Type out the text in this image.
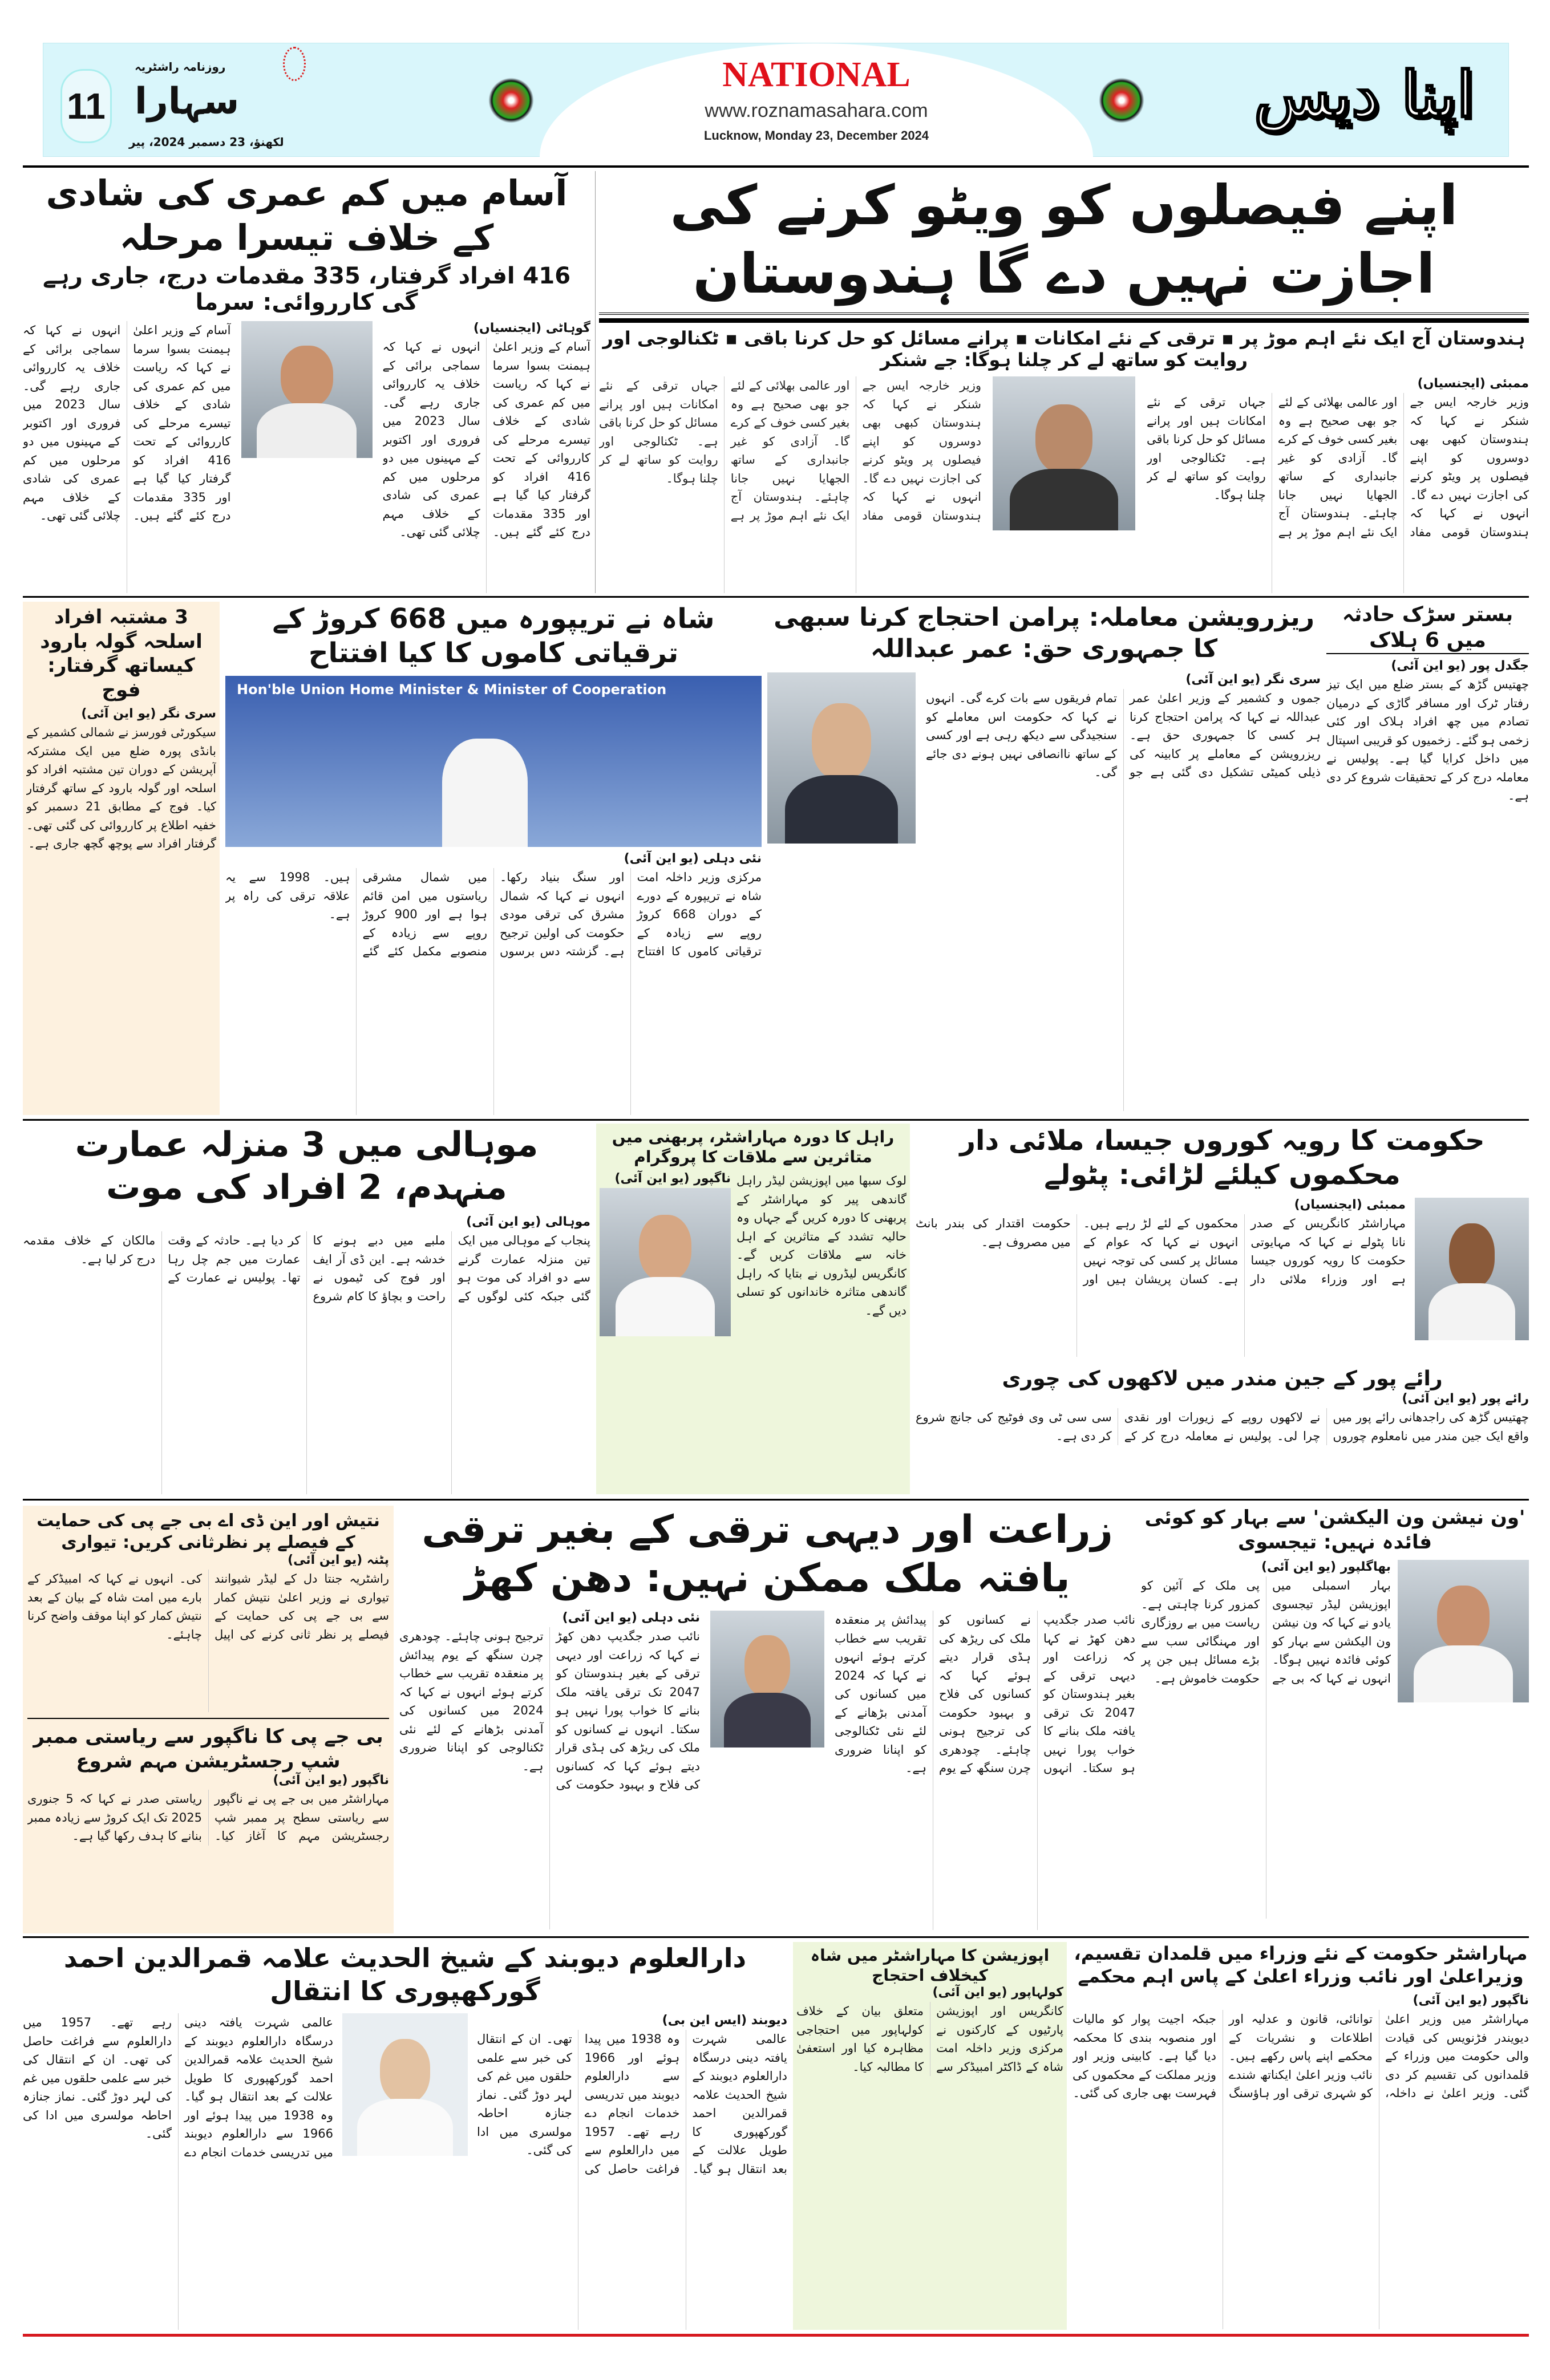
11
روزنامہ راشٹریہ
سہارا
لکھنؤ، 23 دسمبر 2024، پیر
NATIONAL
www.roznamasahara.com
Lucknow, Monday 23, December 2024
اپنا دیس
اپنے فیصلوں کو ویٹو کرنے کی اجازت نہیں دے گا ہندوستان
ہندوستان آج ایک نئے اہم موڑ پر ▪ ترقی کے نئے امکانات ▪ پرانے مسائل کو حل کرنا باقی ▪ ٹکنالوجی اور روایت کو ساتھ لے کر چلنا ہوگا: جے شنکر
ممبئی (ایجنسیاں)
وزیر خارجہ ایس جے شنکر نے کہا کہ ہندوستان کبھی بھی دوسروں کو اپنے فیصلوں پر ویٹو کرنے کی اجازت نہیں دے گا۔ انہوں نے کہا کہ ہندوستان قومی مفاد اور عالمی بھلائی کے لئے جو بھی صحیح ہے وہ بغیر کسی خوف کے کرے گا۔ آزادی کو غیر جانبداری کے ساتھ الجھایا نہیں جانا چاہئے۔ ہندوستان آج ایک نئے اہم موڑ پر ہے جہاں ترقی کے نئے امکانات ہیں اور پرانے مسائل کو حل کرنا باقی ہے۔ ٹکنالوجی اور روایت کو ساتھ لے کر چلنا ہوگا۔
وزیر خارجہ ایس جے شنکر نے کہا کہ ہندوستان کبھی بھی دوسروں کو اپنے فیصلوں پر ویٹو کرنے کی اجازت نہیں دے گا۔ انہوں نے کہا کہ ہندوستان قومی مفاد اور عالمی بھلائی کے لئے جو بھی صحیح ہے وہ بغیر کسی خوف کے کرے گا۔ آزادی کو غیر جانبداری کے ساتھ الجھایا نہیں جانا چاہئے۔ ہندوستان آج ایک نئے اہم موڑ پر ہے جہاں ترقی کے نئے امکانات ہیں اور پرانے مسائل کو حل کرنا باقی ہے۔ ٹکنالوجی اور روایت کو ساتھ لے کر چلنا ہوگا۔
آسام میں کم عمری کی شادی کے خلاف تیسرا مرحلہ
416 افراد گرفتار، 335 مقدمات درج، جاری رہے گی کارروائی: سرما
گوہاٹی (ایجنسیاں)
آسام کے وزیر اعلیٰ ہیمنت بسوا سرما نے کہا کہ ریاست میں کم عمری کی شادی کے خلاف تیسرے مرحلے کی کارروائی کے تحت 416 افراد کو گرفتار کیا گیا ہے اور 335 مقدمات درج کئے گئے ہیں۔ انہوں نے کہا کہ سماجی برائی کے خلاف یہ کارروائی جاری رہے گی۔ سال 2023 میں فروری اور اکتوبر کے مہینوں میں دو مرحلوں میں کم عمری کی شادی کے خلاف مہم چلائی گئی تھی۔
آسام کے وزیر اعلیٰ ہیمنت بسوا سرما نے کہا کہ ریاست میں کم عمری کی شادی کے خلاف تیسرے مرحلے کی کارروائی کے تحت 416 افراد کو گرفتار کیا گیا ہے اور 335 مقدمات درج کئے گئے ہیں۔ انہوں نے کہا کہ سماجی برائی کے خلاف یہ کارروائی جاری رہے گی۔ سال 2023 میں فروری اور اکتوبر کے مہینوں میں دو مرحلوں میں کم عمری کی شادی کے خلاف مہم چلائی گئی تھی۔
بستر سڑک حادثہ میں 6 ہلاک
جگدل پور (یو این آئی)
چھتیس گڑھ کے بستر ضلع میں ایک تیز رفتار ٹرک اور مسافر گاڑی کے درمیان تصادم میں چھ افراد ہلاک اور کئی زخمی ہو گئے۔ زخمیوں کو قریبی اسپتال میں داخل کرایا گیا ہے۔ پولیس نے معاملہ درج کر کے تحقیقات شروع کر دی ہے۔
ریزرویشن معاملہ: پرامن احتجاج کرنا سبھی کا جمہوری حق: عمر عبداللہ
سری نگر (یو این آئی)
جموں و کشمیر کے وزیر اعلیٰ عمر عبداللہ نے کہا کہ پرامن احتجاج کرنا ہر کسی کا جمہوری حق ہے۔ ریزرویشن کے معاملے پر کابینہ کی ذیلی کمیٹی تشکیل دی گئی ہے جو تمام فریقوں سے بات کرے گی۔ انہوں نے کہا کہ حکومت اس معاملے کو سنجیدگی سے دیکھ رہی ہے اور کسی کے ساتھ ناانصافی نہیں ہونے دی جائے گی۔
شاہ نے تریپورہ میں 668 کروڑ کے ترقیاتی کاموں کا کیا افتتاح
Hon'ble Union Home Minister & Minister of Cooperation
نئی دہلی (یو این آئی)
مرکزی وزیر داخلہ امت شاہ نے تریپورہ کے دورے کے دوران 668 کروڑ روپے سے زیادہ کے ترقیاتی کاموں کا افتتاح اور سنگ بنیاد رکھا۔ انہوں نے کہا کہ شمال مشرق کی ترقی مودی حکومت کی اولین ترجیح ہے۔ گزشتہ دس برسوں میں شمال مشرقی ریاستوں میں امن قائم ہوا ہے اور 900 کروڑ روپے سے زیادہ کے منصوبے مکمل کئے گئے ہیں۔ 1998 سے یہ علاقہ ترقی کی راہ پر ہے۔
3 مشتبہ افراد اسلحہ گولہ بارود کیساتھ گرفتار: فوج
سری نگر (یو این آئی)
سیکورٹی فورسز نے شمالی کشمیر کے بانڈی پورہ ضلع میں ایک مشترکہ آپریشن کے دوران تین مشتبہ افراد کو اسلحہ اور گولہ بارود کے ساتھ گرفتار کیا۔ فوج کے مطابق 21 دسمبر کو خفیہ اطلاع پر کارروائی کی گئی تھی۔ گرفتار افراد سے پوچھ گچھ جاری ہے۔
حکومت کا رویہ کوروں جیسا، ملائی دار محکموں کیلئے لڑائی: پٹولے
ممبئی (ایجنسیاں)
مہاراشٹر کانگریس کے صدر نانا پٹولے نے کہا کہ مہایوتی حکومت کا رویہ کوروں جیسا ہے اور وزراء ملائی دار محکموں کے لئے لڑ رہے ہیں۔ انہوں نے کہا کہ عوام کے مسائل پر کسی کی توجہ نہیں ہے۔ کسان پریشان ہیں اور حکومت اقتدار کی بندر بانٹ میں مصروف ہے۔
رائے پور کے جین مندر میں لاکھوں کی چوری
رائے پور (یو این آئی)
چھتیس گڑھ کی راجدھانی رائے پور میں واقع ایک جین مندر میں نامعلوم چوروں نے لاکھوں روپے کے زیورات اور نقدی چرا لی۔ پولیس نے معاملہ درج کر کے سی سی ٹی وی فوٹیج کی جانچ شروع کر دی ہے۔
راہل کا دورہ مہاراشٹر، پربھنی میں متاثرین سے ملاقات کا پروگرام
لوک سبھا میں اپوزیشن لیڈر راہل گاندھی پیر کو مہاراشٹر کے پربھنی کا دورہ کریں گے جہاں وہ حالیہ تشدد کے متاثرین کے اہل خانہ سے ملاقات کریں گے۔ کانگریس لیڈروں نے بتایا کہ راہل گاندھی متاثرہ خاندانوں کو تسلی دیں گے۔
ناگپور (یو این آئی)
موہالی میں 3 منزلہ عمارت منہدم، 2 افراد کی موت
موہالی (یو این آئی)
پنجاب کے موہالی میں ایک تین منزلہ عمارت گرنے سے دو افراد کی موت ہو گئی جبکہ کئی لوگوں کے ملبے میں دبے ہونے کا خدشہ ہے۔ این ڈی آر ایف اور فوج کی ٹیموں نے راحت و بچاؤ کا کام شروع کر دیا ہے۔ حادثہ کے وقت عمارت میں جم چل رہا تھا۔ پولیس نے عمارت کے مالکان کے خلاف مقدمہ درج کر لیا ہے۔
'ون نیشن ون الیکشن' سے بہار کو کوئی فائدہ نہیں: تیجسوی
بھاگلپور (یو این آئی)
بہار اسمبلی میں اپوزیشن لیڈر تیجسوی یادو نے کہا کہ ون نیشن ون الیکشن سے بہار کو کوئی فائدہ نہیں ہوگا۔ انہوں نے کہا کہ بی جے پی ملک کے آئین کو کمزور کرنا چاہتی ہے۔ ریاست میں بے روزگاری اور مہنگائی سب سے بڑے مسائل ہیں جن پر حکومت خاموش ہے۔
زراعت اور دیہی ترقی کے بغیر ترقی یافتہ ملک ممکن نہیں: دھن کھڑ
نائب صدر جگدیپ دھن کھڑ نے کہا کہ زراعت اور دیہی ترقی کے بغیر ہندوستان کو 2047 تک ترقی یافتہ ملک بنانے کا خواب پورا نہیں ہو سکتا۔ انہوں نے کسانوں کو ملک کی ریڑھ کی ہڈی قرار دیتے ہوئے کہا کہ کسانوں کی فلاح و بہبود حکومت کی ترجیح ہونی چاہئے۔ چودھری چرن سنگھ کے یوم پیدائش پر منعقدہ تقریب سے خطاب کرتے ہوئے انہوں نے کہا کہ 2024 میں کسانوں کی آمدنی بڑھانے کے لئے نئی ٹکنالوجی کو اپنانا ضروری ہے۔
نئی دہلی (یو این آئی)
نائب صدر جگدیپ دھن کھڑ نے کہا کہ زراعت اور دیہی ترقی کے بغیر ہندوستان کو 2047 تک ترقی یافتہ ملک بنانے کا خواب پورا نہیں ہو سکتا۔ انہوں نے کسانوں کو ملک کی ریڑھ کی ہڈی قرار دیتے ہوئے کہا کہ کسانوں کی فلاح و بہبود حکومت کی ترجیح ہونی چاہئے۔ چودھری چرن سنگھ کے یوم پیدائش پر منعقدہ تقریب سے خطاب کرتے ہوئے انہوں نے کہا کہ 2024 میں کسانوں کی آمدنی بڑھانے کے لئے نئی ٹکنالوجی کو اپنانا ضروری ہے۔
نتیش اور این ڈی اے بی جے پی کی حمایت کے فیصلے پر نظرثانی کریں: تیواری
پٹنہ (یو این آئی)
راشٹریہ جنتا دل کے لیڈر شیوانند تیواری نے وزیر اعلیٰ نتیش کمار سے بی جے پی کی حمایت کے فیصلے پر نظر ثانی کرنے کی اپیل کی۔ انہوں نے کہا کہ امبیڈکر کے بارے میں امت شاہ کے بیان کے بعد نتیش کمار کو اپنا موقف واضح کرنا چاہئے۔
بی جے پی کا ناگپور سے ریاستی ممبر شپ رجسٹریشن مہم شروع
ناگپور (یو این آئی)
مہاراشٹر میں بی جے پی نے ناگپور سے ریاستی سطح پر ممبر شپ رجسٹریشن مہم کا آغاز کیا۔ ریاستی صدر نے کہا کہ 5 جنوری 2025 تک ایک کروڑ سے زیادہ ممبر بنانے کا ہدف رکھا گیا ہے۔
مہاراشٹر حکومت کے نئے وزراء میں قلمدان تقسیم، وزیراعلیٰ اور نائب وزراء اعلیٰ کے پاس اہم محکمے
ناگپور (یو این آئی)
مہاراشٹر میں وزیر اعلیٰ دیویندر فڑنویس کی قیادت والی حکومت میں وزراء کے قلمدانوں کی تقسیم کر دی گئی۔ وزیر اعلیٰ نے داخلہ، توانائی، قانون و عدلیہ اور اطلاعات و نشریات کے محکمے اپنے پاس رکھے ہیں۔ نائب وزیر اعلیٰ ایکناتھ شندے کو شہری ترقی اور ہاؤسنگ جبکہ اجیت پوار کو مالیات اور منصوبہ بندی کا محکمہ دیا گیا ہے۔ کابینی وزیر اور وزیر مملکت کے محکموں کی فہرست بھی جاری کی گئی۔
اپوزیشن کا مہاراشٹر میں شاہ کیخلاف احتجاج
کولہاپور (یو این آئی)
کانگریس اور اپوزیشن پارٹیوں کے کارکنوں نے مرکزی وزیر داخلہ امت شاہ کے ڈاکٹر امبیڈکر سے متعلق بیان کے خلاف کولہاپور میں احتجاجی مظاہرہ کیا اور استعفیٰ کا مطالبہ کیا۔
دارالعلوم دیوبند کے شیخ الحدیث علامہ قمرالدین احمد گورکھپوری کا انتقال
دیوبند (ایس این بی)
عالمی شہرت یافتہ دینی درسگاہ دارالعلوم دیوبند کے شیخ الحدیث علامہ قمرالدین احمد گورکھپوری کا طویل علالت کے بعد انتقال ہو گیا۔ وہ 1938 میں پیدا ہوئے اور 1966 سے دارالعلوم دیوبند میں تدریسی خدمات انجام دے رہے تھے۔ 1957 میں دارالعلوم سے فراغت حاصل کی تھی۔ ان کے انتقال کی خبر سے علمی حلقوں میں غم کی لہر دوڑ گئی۔ نماز جنازہ احاطہ مولسری میں ادا کی گئی۔
عالمی شہرت یافتہ دینی درسگاہ دارالعلوم دیوبند کے شیخ الحدیث علامہ قمرالدین احمد گورکھپوری کا طویل علالت کے بعد انتقال ہو گیا۔ وہ 1938 میں پیدا ہوئے اور 1966 سے دارالعلوم دیوبند میں تدریسی خدمات انجام دے رہے تھے۔ 1957 میں دارالعلوم سے فراغت حاصل کی تھی۔ ان کے انتقال کی خبر سے علمی حلقوں میں غم کی لہر دوڑ گئی۔ نماز جنازہ احاطہ مولسری میں ادا کی گئی۔
